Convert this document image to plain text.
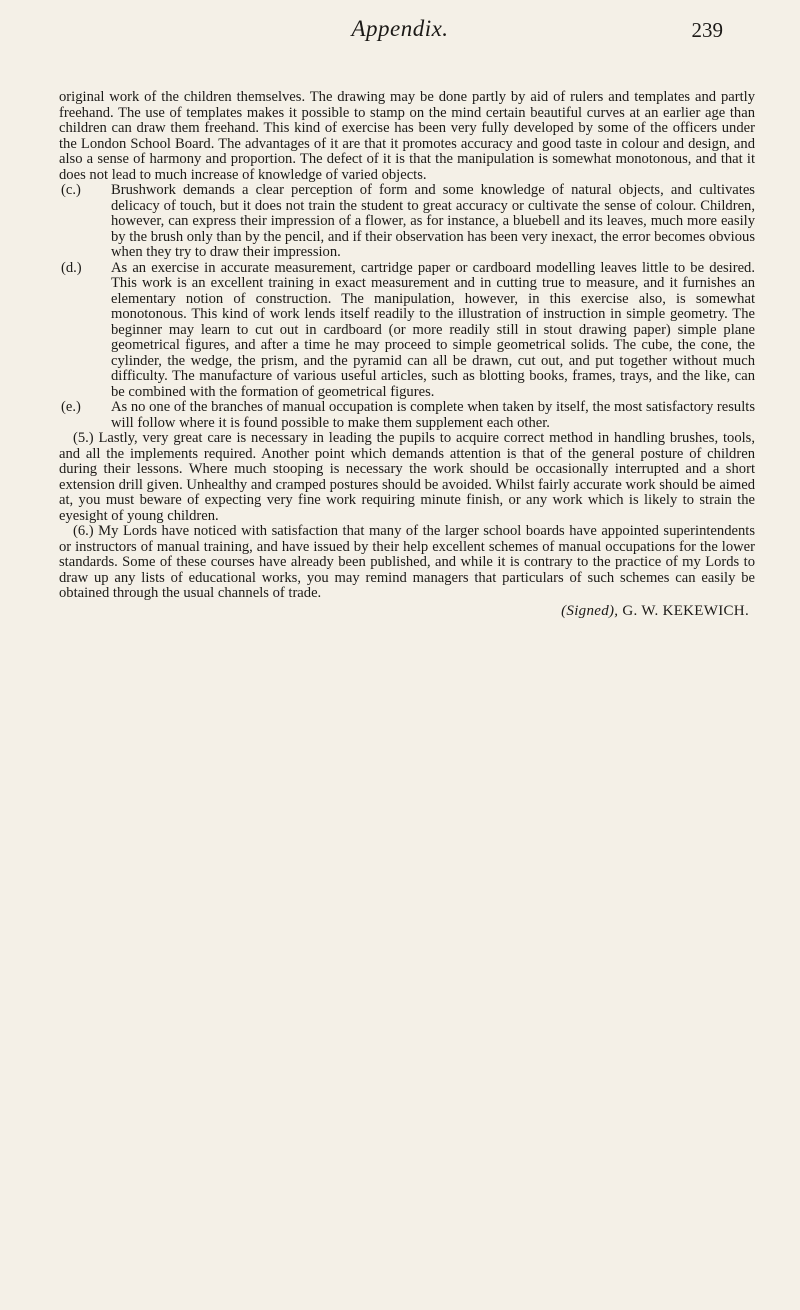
Appendix.	239

original work of the children themselves. The drawing may be done partly by aid of rulers and templates and partly freehand. The use of templates makes it possible to stamp on the mind certain beautiful curves at an earlier age than children can draw them freehand. This kind of exercise has been very fully developed by some of the officers under the London School Board. The advantages of it are that it promotes accuracy and good taste in colour and design, and also a sense of harmony and proportion. The defect of it is that the manipulation is somewhat monotonous, and that it does not lead to much increase of knowledge of varied objects.

(c.)	Brushwork demands a clear perception of form and some knowledge of natural objects, and cultivates delicacy of touch, but it does not train the student to great accuracy or cultivate the sense of colour. Children, however, can express their impression of a flower, as for instance, a bluebell and its leaves, much more easily by the brush only than by the pencil, and if their observation has been very inexact, the error becomes obvious when they try to draw their impression.

(d.)	As an exercise in accurate measurement, cartridge paper or cardboard modelling leaves little to be desired. This work is an excellent training in exact measurement and in cutting true to measure, and it furnishes an elementary notion of construction. The manipulation, however, in this exercise also, is somewhat monotonous. This kind of work lends itself readily to the illustration of instruction in simple geometry. The beginner may learn to cut out in cardboard (or more readily still in stout drawing paper) simple plane geometrical figures, and after a time he may proceed to simple geometrical solids. The cube, the cone, the cylinder, the wedge, the prism, and the pyramid can all be drawn, cut out, and put together without much difficulty. The manufacture of various useful articles, such as blotting books, frames, trays, and the like, can be combined with the formation of geometrical figures.

(e.)	As no one of the branches of manual occupation is complete when taken by itself, the most satisfactory results will follow where it is found possible to make them supplement each other.

(5.) Lastly, very great care is necessary in leading the pupils to acquire correct method in handling brushes, tools, and all the implements required. Another point which demands attention is that of the general posture of children during their lessons. Where much stooping is necessary the work should be occasionally interrupted and a short extension drill given. Unhealthy and cramped postures should be avoided. Whilst fairly accurate work should be aimed at, you must beware of expecting very fine work requiring minute finish, or any work which is likely to strain the eyesight of young children.

(6.) My Lords have noticed with satisfaction that many of the larger school boards have appointed superintendents or instructors of manual training, and have issued by their help excellent schemes of manual occupations for the lower standards. Some of these courses have already been published, and while it is contrary to the practice of my Lords to draw up any lists of educational works, you may remind managers that particulars of such schemes can easily be obtained through the usual channels of trade.

(Signed), G. W. KEKEWICH.
